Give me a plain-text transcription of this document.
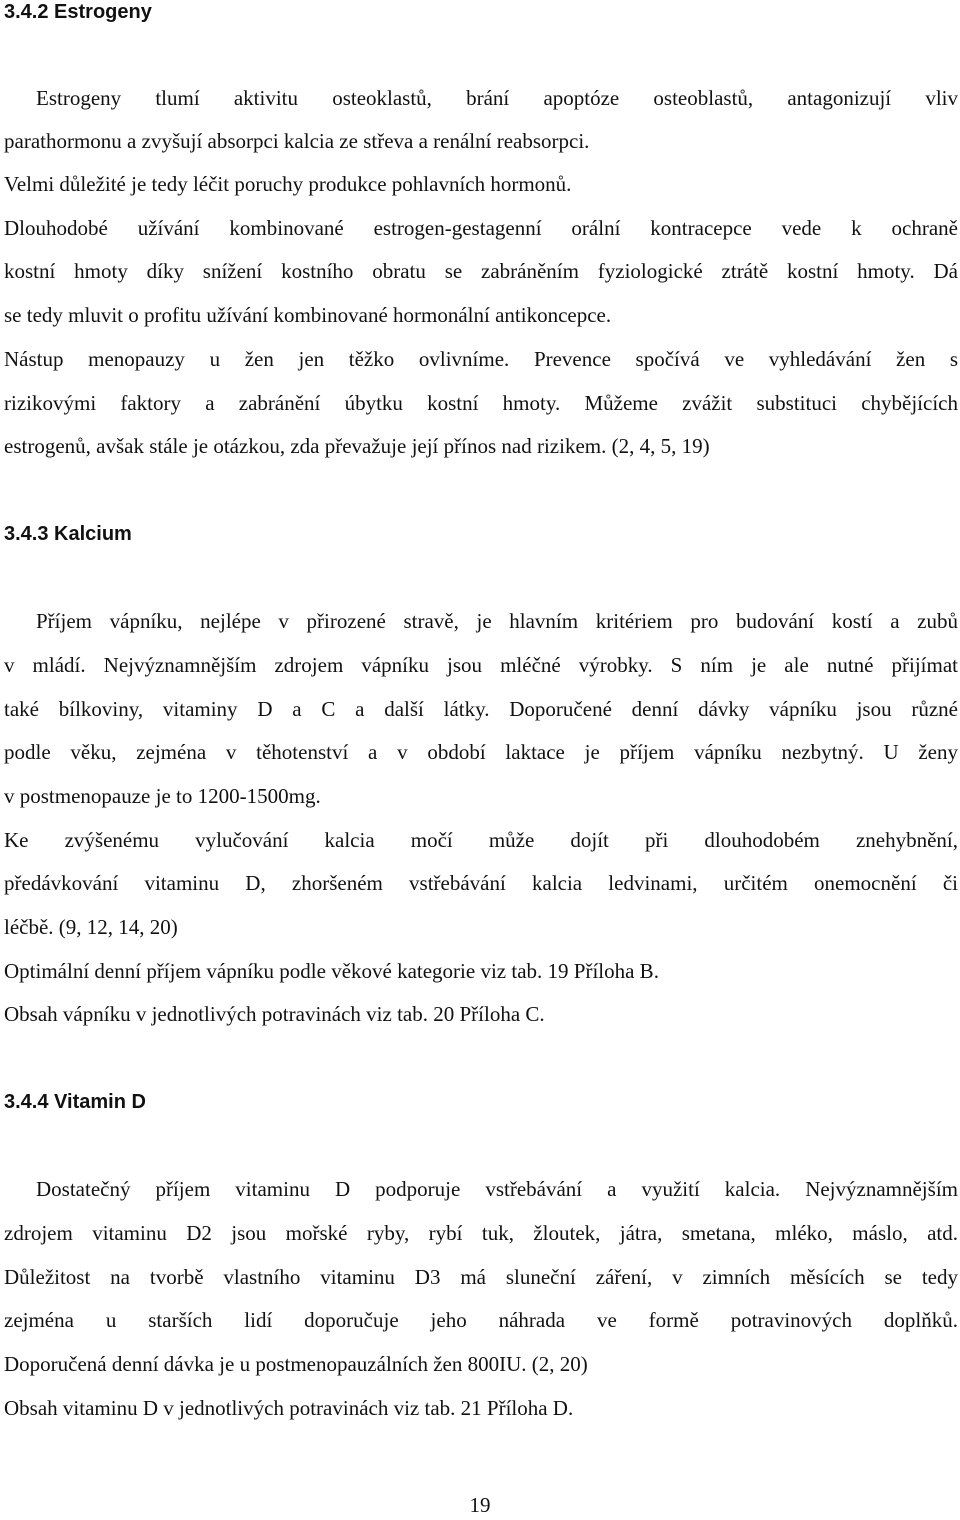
3.4.2 Estrogeny
Estrogeny tlumí aktivitu osteoklastů, brání apoptóze osteoblastů, antagonizují vliv
parathormonu a zvyšují absorpci kalcia ze střeva a renální reabsorpci.
Velmi důležité je tedy léčit poruchy produkce pohlavních hormonů.
Dlouhodobé užívání kombinované estrogen-gestagenní orální kontracepce vede k ochraně
kostní hmoty díky snížení kostního obratu se zabráněním fyziologické ztrátě kostní hmoty. Dá
se tedy mluvit o profitu užívání kombinované hormonální antikoncepce.
Nástup menopauzy u žen jen těžko ovlivníme. Prevence spočívá ve vyhledávání žen s
rizikovými faktory a zabránění úbytku kostní hmoty. Můžeme zvážit substituci chybějících
estrogenů, avšak stále je otázkou, zda převažuje její přínos nad rizikem. (2, 4, 5, 19)
3.4.3 Kalcium
Příjem vápníku, nejlépe v přirozené stravě, je hlavním kritériem pro budování kostí a zubů
v mládí. Nejvýznamnějším zdrojem vápníku jsou mléčné výrobky. S ním je ale nutné přijímat
také bílkoviny, vitaminy D a C a další látky. Doporučené denní dávky vápníku jsou různé
podle věku, zejména v těhotenství a v období laktace je příjem vápníku nezbytný. U ženy
v postmenopauze je to 1200-1500mg.
Ke zvýšenému vylučování kalcia močí může dojít při dlouhodobém znehybnění,
předávkování vitaminu D, zhoršeném vstřebávání kalcia ledvinami, určitém onemocnění či
léčbě. (9, 12, 14, 20)
Optimální denní příjem vápníku podle věkové kategorie viz tab. 19 Příloha B.
Obsah vápníku v jednotlivých potravinách viz tab. 20 Příloha C.
3.4.4 Vitamin D
Dostatečný příjem vitaminu D podporuje vstřebávání a využití kalcia. Nejvýznamnějším
zdrojem vitaminu D2 jsou mořské ryby, rybí tuk, žloutek, játra, smetana, mléko, máslo, atd.
Důležitost na tvorbě vlastního vitaminu D3 má sluneční záření, v zimních měsících se tedy
zejména u starších lidí doporučuje jeho náhrada ve formě potravinových doplňků.
Doporučená denní dávka je u postmenopauzálních žen 800IU. (2, 20)
Obsah vitaminu D v jednotlivých potravinách viz tab. 21 Příloha D.
19
